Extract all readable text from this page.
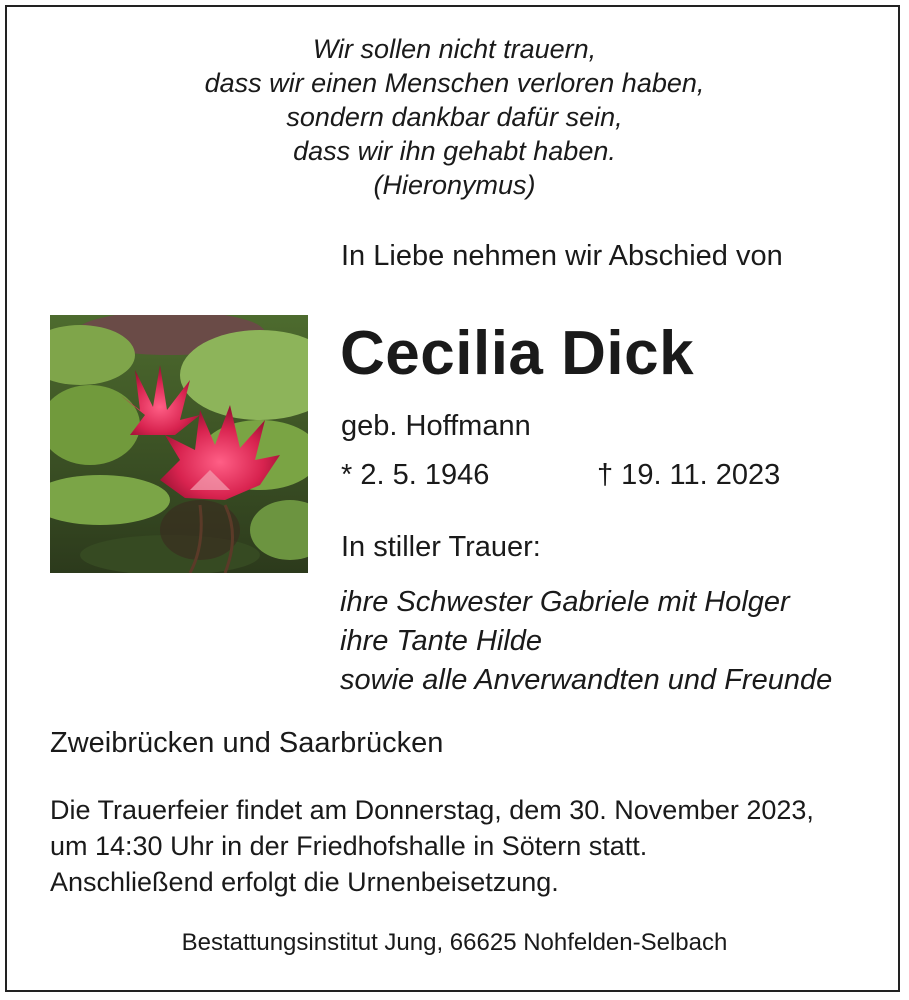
Wir sollen nicht trauern,
dass wir einen Menschen verloren haben,
sondern dankbar dafür sein,
dass wir ihn gehabt haben.
(Hieronymus)
In Liebe nehmen wir Abschied von
Cecilia Dick
geb. Hoffmann
* 2. 5. 1946	† 19. 11. 2023
In stiller Trauer:
ihre Schwester Gabriele mit Holger
ihre Tante Hilde
sowie alle Anverwandten und Freunde
Zweibrücken und Saarbrücken
Die Trauerfeier findet am Donnerstag, dem 30. November 2023,
um 14:30 Uhr in der Friedhofshalle in Sötern statt.
Anschließend erfolgt die Urnenbeisetzung.
Bestattungsinstitut Jung, 66625 Nohfelden-Selbach
